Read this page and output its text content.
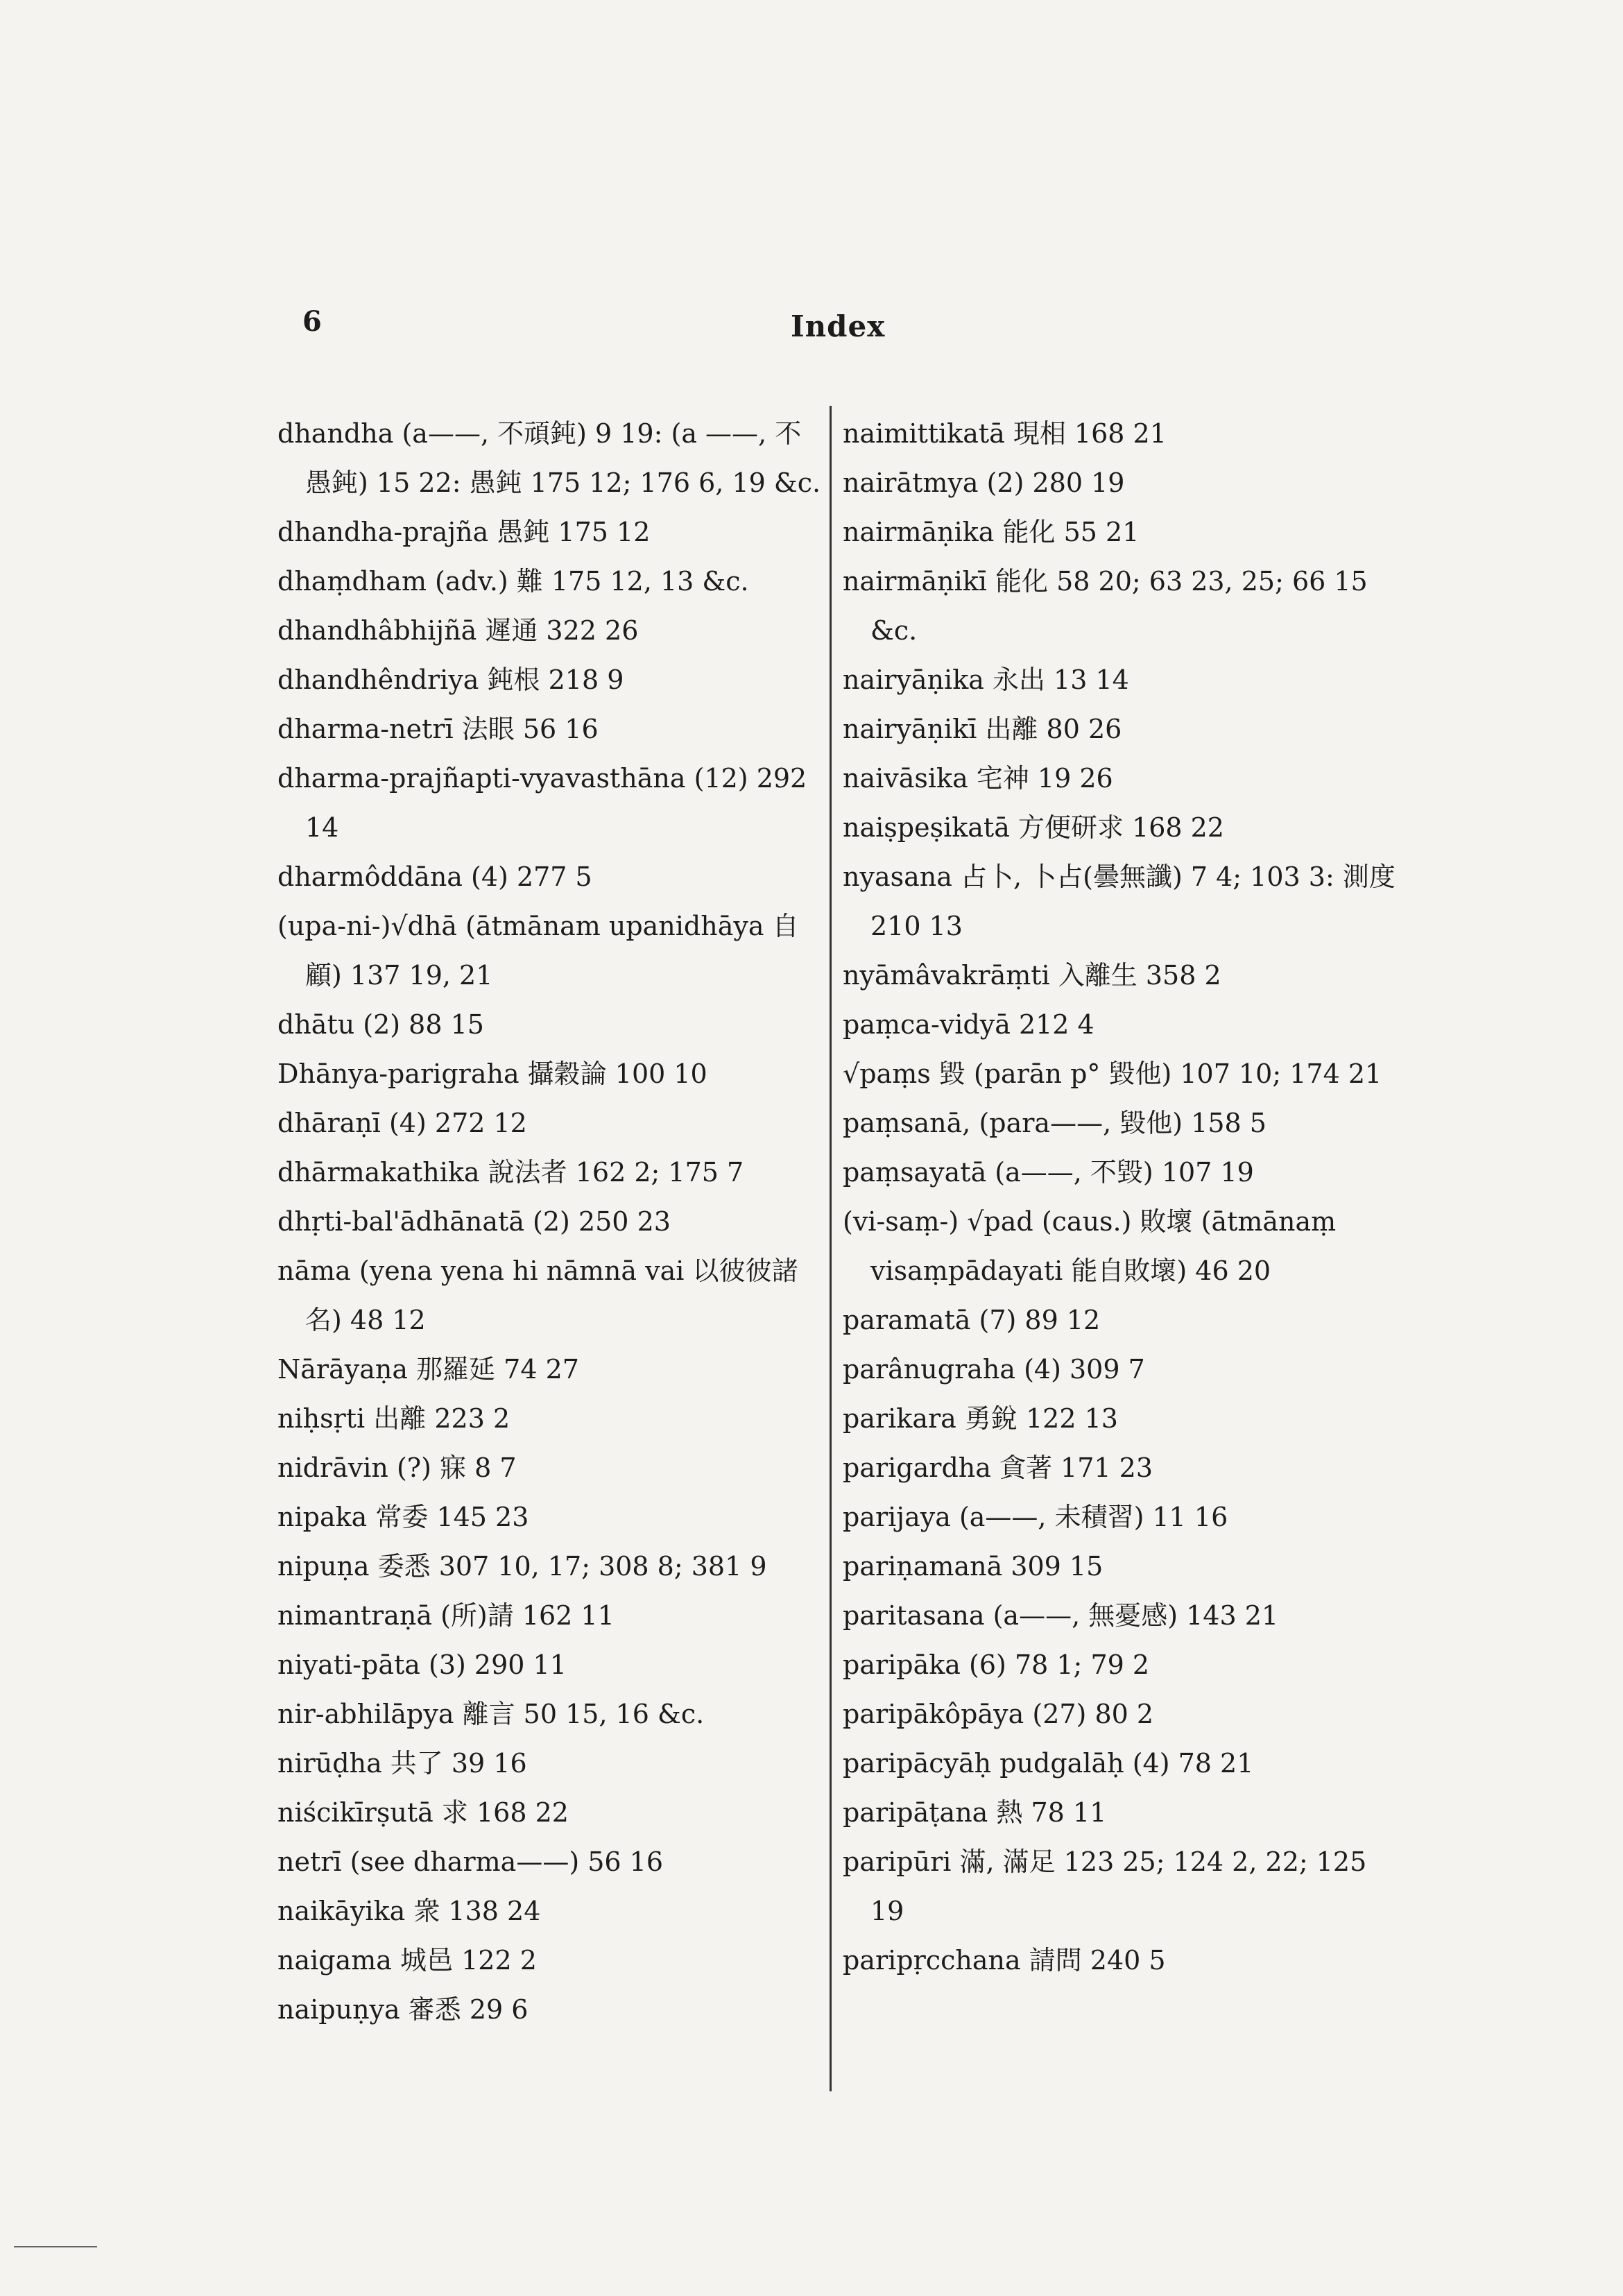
6	Index
dhandha (a——, 不頑鈍) 9 19: (a ——, 不愚鈍) 15 22: 愚鈍 175 12; 176 6, 19 &c.
dhandha-prajña 愚鈍 175 12
dhaṃdham (adv.) 難 175 12, 13 &c.
dhandhâbhijñā 遲通 322 26
dhandhêndriya 鈍根 218 9
dharma-netrī 法眼 56 16
dharma-prajñapti-vyavasthāna (12) 292 14
dharmôddāna (4) 277 5
(upa-ni-)√dhā (ātmānam upanidhāya 自顧) 137 19, 21
dhātu (2) 88 15
Dhānya-parigraha 攝穀論 100 10
dhāraṇī (4) 272 12
dhārmakathika 說法者 162 2; 175 7
dhṛti-bal'ādhānatā (2) 250 23
nāma (yena yena hi nāmnā vai 以彼彼諸名) 48 12
Nārāyaṇa 那羅延 74 27
niḥsṛti 出離 223 2
nidrāvin (?) 寐 8 7
nipaka 常委 145 23
nipuṇa 委悉 307 10, 17; 308 8; 381 9
nimantraṇā (所)請 162 11
niyati-pāta (3) 290 11
nir-abhilāpya 離言 50 15, 16 &c.
nirūḍha 共了 39 16
niścikīrṣutā 求 168 22
netrī (see dharma——) 56 16
naikāyika 衆 138 24
naigama 城邑 122 2
naipuṇya 審悉 29 6
naimittikatā 現相 168 21
nairātmya (2) 280 19
nairmāṇika 能化 55 21
nairmāṇikī 能化 58 20; 63 23, 25; 66 15 &c.
nairyāṇika 永出 13 14
nairyāṇikī 出離 80 26
naivāsika 宅神 19 26
naiṣpeṣikatā 方便研求 168 22
nyasana 占卜, 卜占(曇無讖) 7 4; 103 3: 測度 210 13
nyāmâvakrāṃti 入離生 358 2
paṃca-vidyā 212 4
√paṃs 毀 (parān p° 毀他) 107 10; 174 21
paṃsanā, (para——, 毀他) 158 5
paṃsayatā (a——, 不毀) 107 19
(vi-saṃ-) √pad (caus.) 敗壞 (ātmānaṃ visaṃpādayati 能自敗壞) 46 20
paramatā (7) 89 12
parânugraha (4) 309 7
parikara 勇銳 122 13
parigardha 貪著 171 23
parijaya (a——, 未積習) 11 16
pariṇamanā 309 15
paritasana (a——, 無憂感) 143 21
paripāka (6) 78 1; 79 2
paripākôpāya (27) 80 2
paripācyāḥ pudgalāḥ (4) 78 21
paripāṭana 熱 78 11
paripūri 滿, 滿足 123 25; 124 2, 22; 125 19
paripṛcchana 請問 240 5
